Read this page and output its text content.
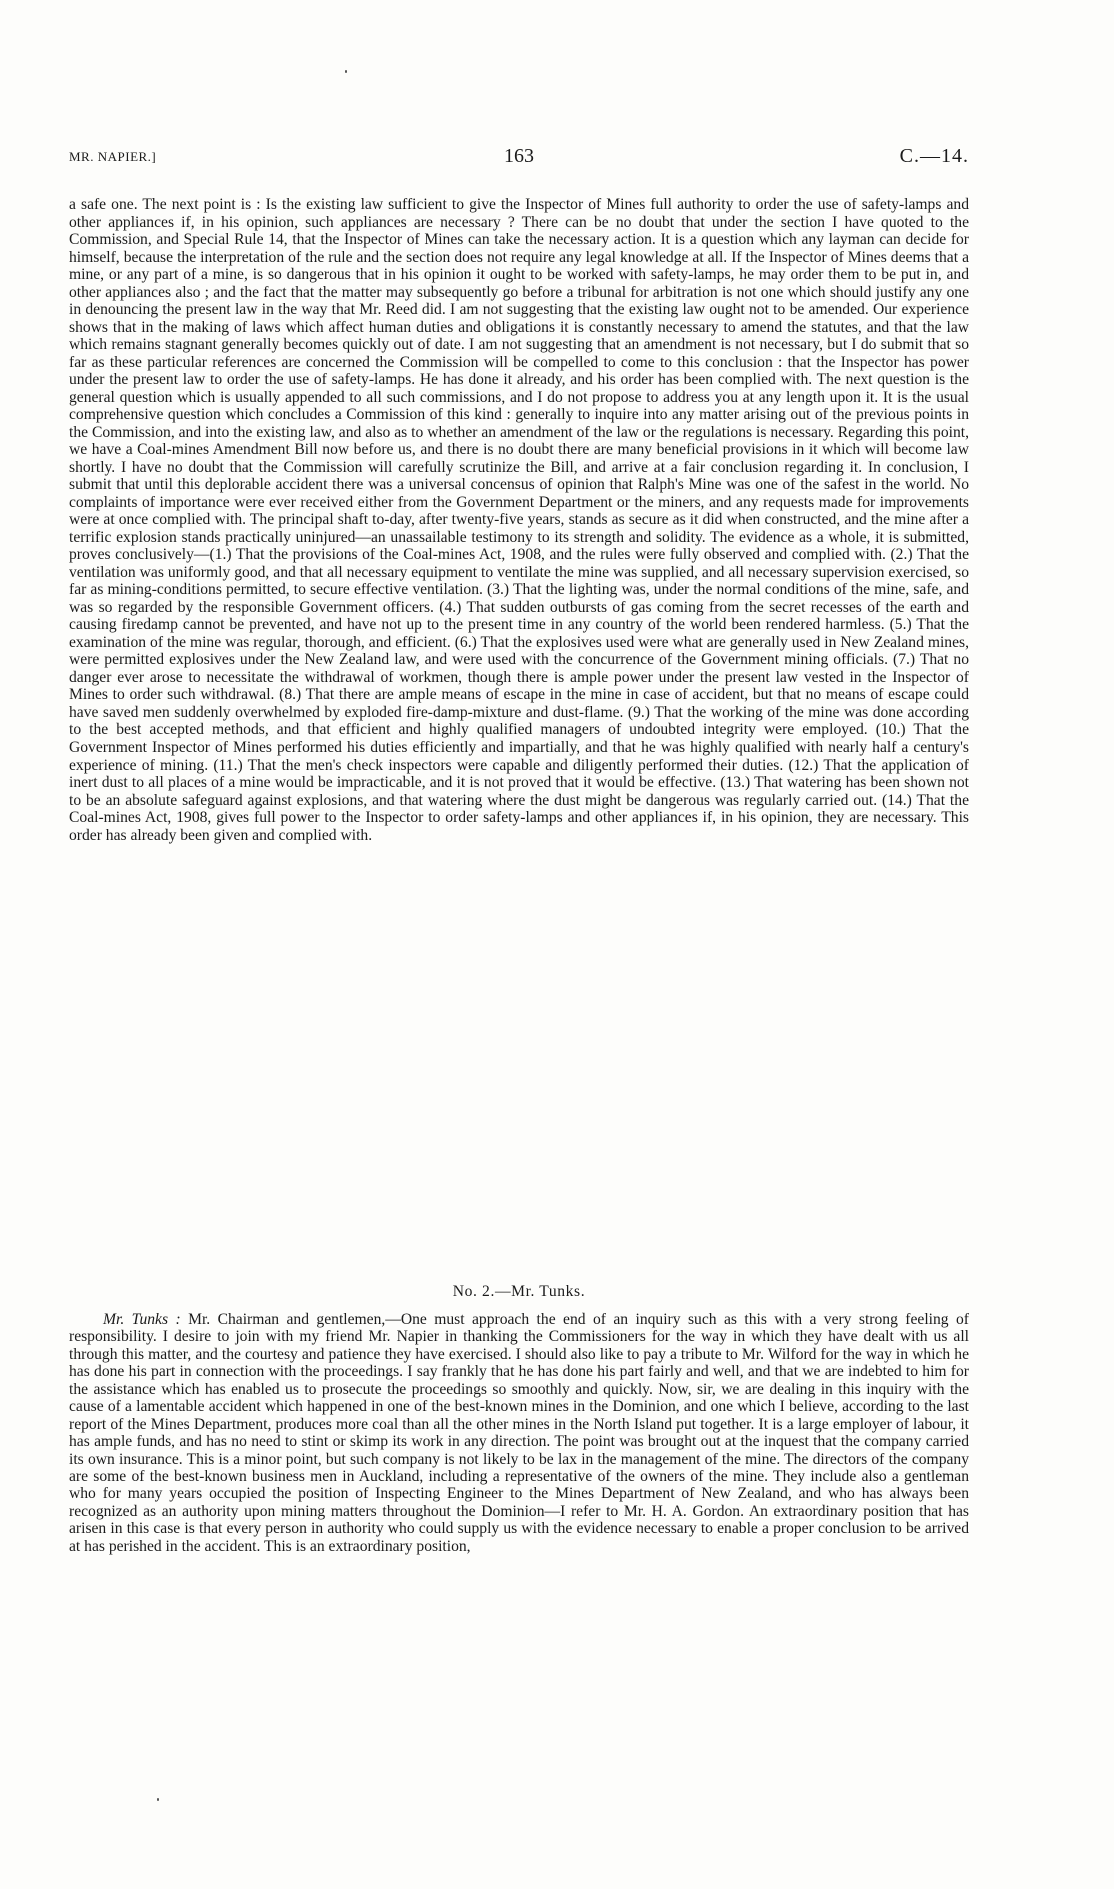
MR. NAPIER.]	163	C.—14.

a safe one. The next point is : Is the existing law sufficient to give the Inspector of Mines full authority to order the use of safety-lamps and other appliances if, in his opinion, such appliances are necessary ? There can be no doubt that under the section I have quoted to the Commission, and Special Rule 14, that the Inspector of Mines can take the necessary action. It is a question which any layman can decide for himself, because the interpretation of the rule and the section does not require any legal knowledge at all. If the Inspector of Mines deems that a mine, or any part of a mine, is so dangerous that in his opinion it ought to be worked with safety-lamps, he may order them to be put in, and other appliances also ; and the fact that the matter may subsequently go before a tribunal for arbitration is not one which should justify any one in denouncing the present law in the way that Mr. Reed did. I am not suggesting that the existing law ought not to be amended. Our experience shows that in the making of laws which affect human duties and obligations it is constantly necessary to amend the statutes, and that the law which remains stagnant generally becomes quickly out of date. I am not suggesting that an amendment is not necessary, but I do submit that so far as these particular references are concerned the Commission will be compelled to come to this conclusion : that the Inspector has power under the present law to order the use of safety-lamps. He has done it already, and his order has been complied with. The next question is the general question which is usually appended to all such commissions, and I do not propose to address you at any length upon it. It is the usual comprehensive question which concludes a Commission of this kind : generally to inquire into any matter arising out of the previous points in the Commission, and into the existing law, and also as to whether an amendment of the law or the regulations is necessary. Regarding this point, we have a Coal-mines Amendment Bill now before us, and there is no doubt there are many beneficial provisions in it which will become law shortly. I have no doubt that the Commission will carefully scrutinize the Bill, and arrive at a fair conclusion regarding it. In conclusion, I submit that until this deplorable accident there was a universal concensus of opinion that Ralph's Mine was one of the safest in the world. No complaints of importance were ever received either from the Government Department or the miners, and any requests made for improvements were at once complied with. The principal shaft to-day, after twenty-five years, stands as secure as it did when constructed, and the mine after a terrific explosion stands practically uninjured—an unassailable testimony to its strength and solidity. The evidence as a whole, it is submitted, proves conclusively—(1.) That the provisions of the Coal-mines Act, 1908, and the rules were fully observed and complied with. (2.) That the ventilation was uniformly good, and that all necessary equipment to ventilate the mine was supplied, and all necessary supervision exercised, so far as mining-conditions permitted, to secure effective ventilation. (3.) That the lighting was, under the normal conditions of the mine, safe, and was so regarded by the responsible Government officers. (4.) That sudden outbursts of gas coming from the secret recesses of the earth and causing firedamp cannot be prevented, and have not up to the present time in any country of the world been rendered harmless. (5.) That the examination of the mine was regular, thorough, and efficient. (6.) That the explosives used were what are generally used in New Zealand mines, were permitted explosives under the New Zealand law, and were used with the concurrence of the Government mining officials. (7.) That no danger ever arose to necessitate the withdrawal of workmen, though there is ample power under the present law vested in the Inspector of Mines to order such withdrawal. (8.) That there are ample means of escape in the mine in case of accident, but that no means of escape could have saved men suddenly overwhelmed by exploded fire-damp-mixture and dust-flame. (9.) That the working of the mine was done according to the best accepted methods, and that efficient and highly qualified managers of undoubted integrity were employed. (10.) That the Government Inspector of Mines performed his duties efficiently and impartially, and that he was highly qualified with nearly half a century's experience of mining. (11.) That the men's check inspectors were capable and diligently performed their duties. (12.) That the application of inert dust to all places of a mine would be impracticable, and it is not proved that it would be effective. (13.) That watering has been shown not to be an absolute safeguard against explosions, and that watering where the dust might be dangerous was regularly carried out. (14.) That the Coal-mines Act, 1908, gives full power to the Inspector to order safety-lamps and other appliances if, in his opinion, they are necessary. This order has already been given and complied with.

No. 2.—Mr. Tunks.

Mr. Tunks : Mr. Chairman and gentlemen,—One must approach the end of an inquiry such as this with a very strong feeling of responsibility. I desire to join with my friend Mr. Napier in thanking the Commissioners for the way in which they have dealt with us all through this matter, and the courtesy and patience they have exercised. I should also like to pay a tribute to Mr. Wilford for the way in which he has done his part in connection with the proceedings. I say frankly that he has done his part fairly and well, and that we are indebted to him for the assistance which has enabled us to prosecute the proceedings so smoothly and quickly. Now, sir, we are dealing in this inquiry with the cause of a lamentable accident which happened in one of the best-known mines in the Dominion, and one which I believe, according to the last report of the Mines Department, produces more coal than all the other mines in the North Island put together. It is a large employer of labour, it has ample funds, and has no need to stint or skimp its work in any direction. The point was brought out at the inquest that the company carried its own insurance. This is a minor point, but such company is not likely to be lax in the management of the mine. The directors of the company are some of the best-known business men in Auckland, including a representative of the owners of the mine. They include also a gentleman who for many years occupied the position of Inspecting Engineer to the Mines Department of New Zealand, and who has always been recognized as an authority upon mining matters throughout the Dominion—I refer to Mr. H. A. Gordon. An extraordinary position that has arisen in this case is that every person in authority who could supply us with the evidence necessary to enable a proper conclusion to be arrived at has perished in the accident. This is an extraordinary position,
